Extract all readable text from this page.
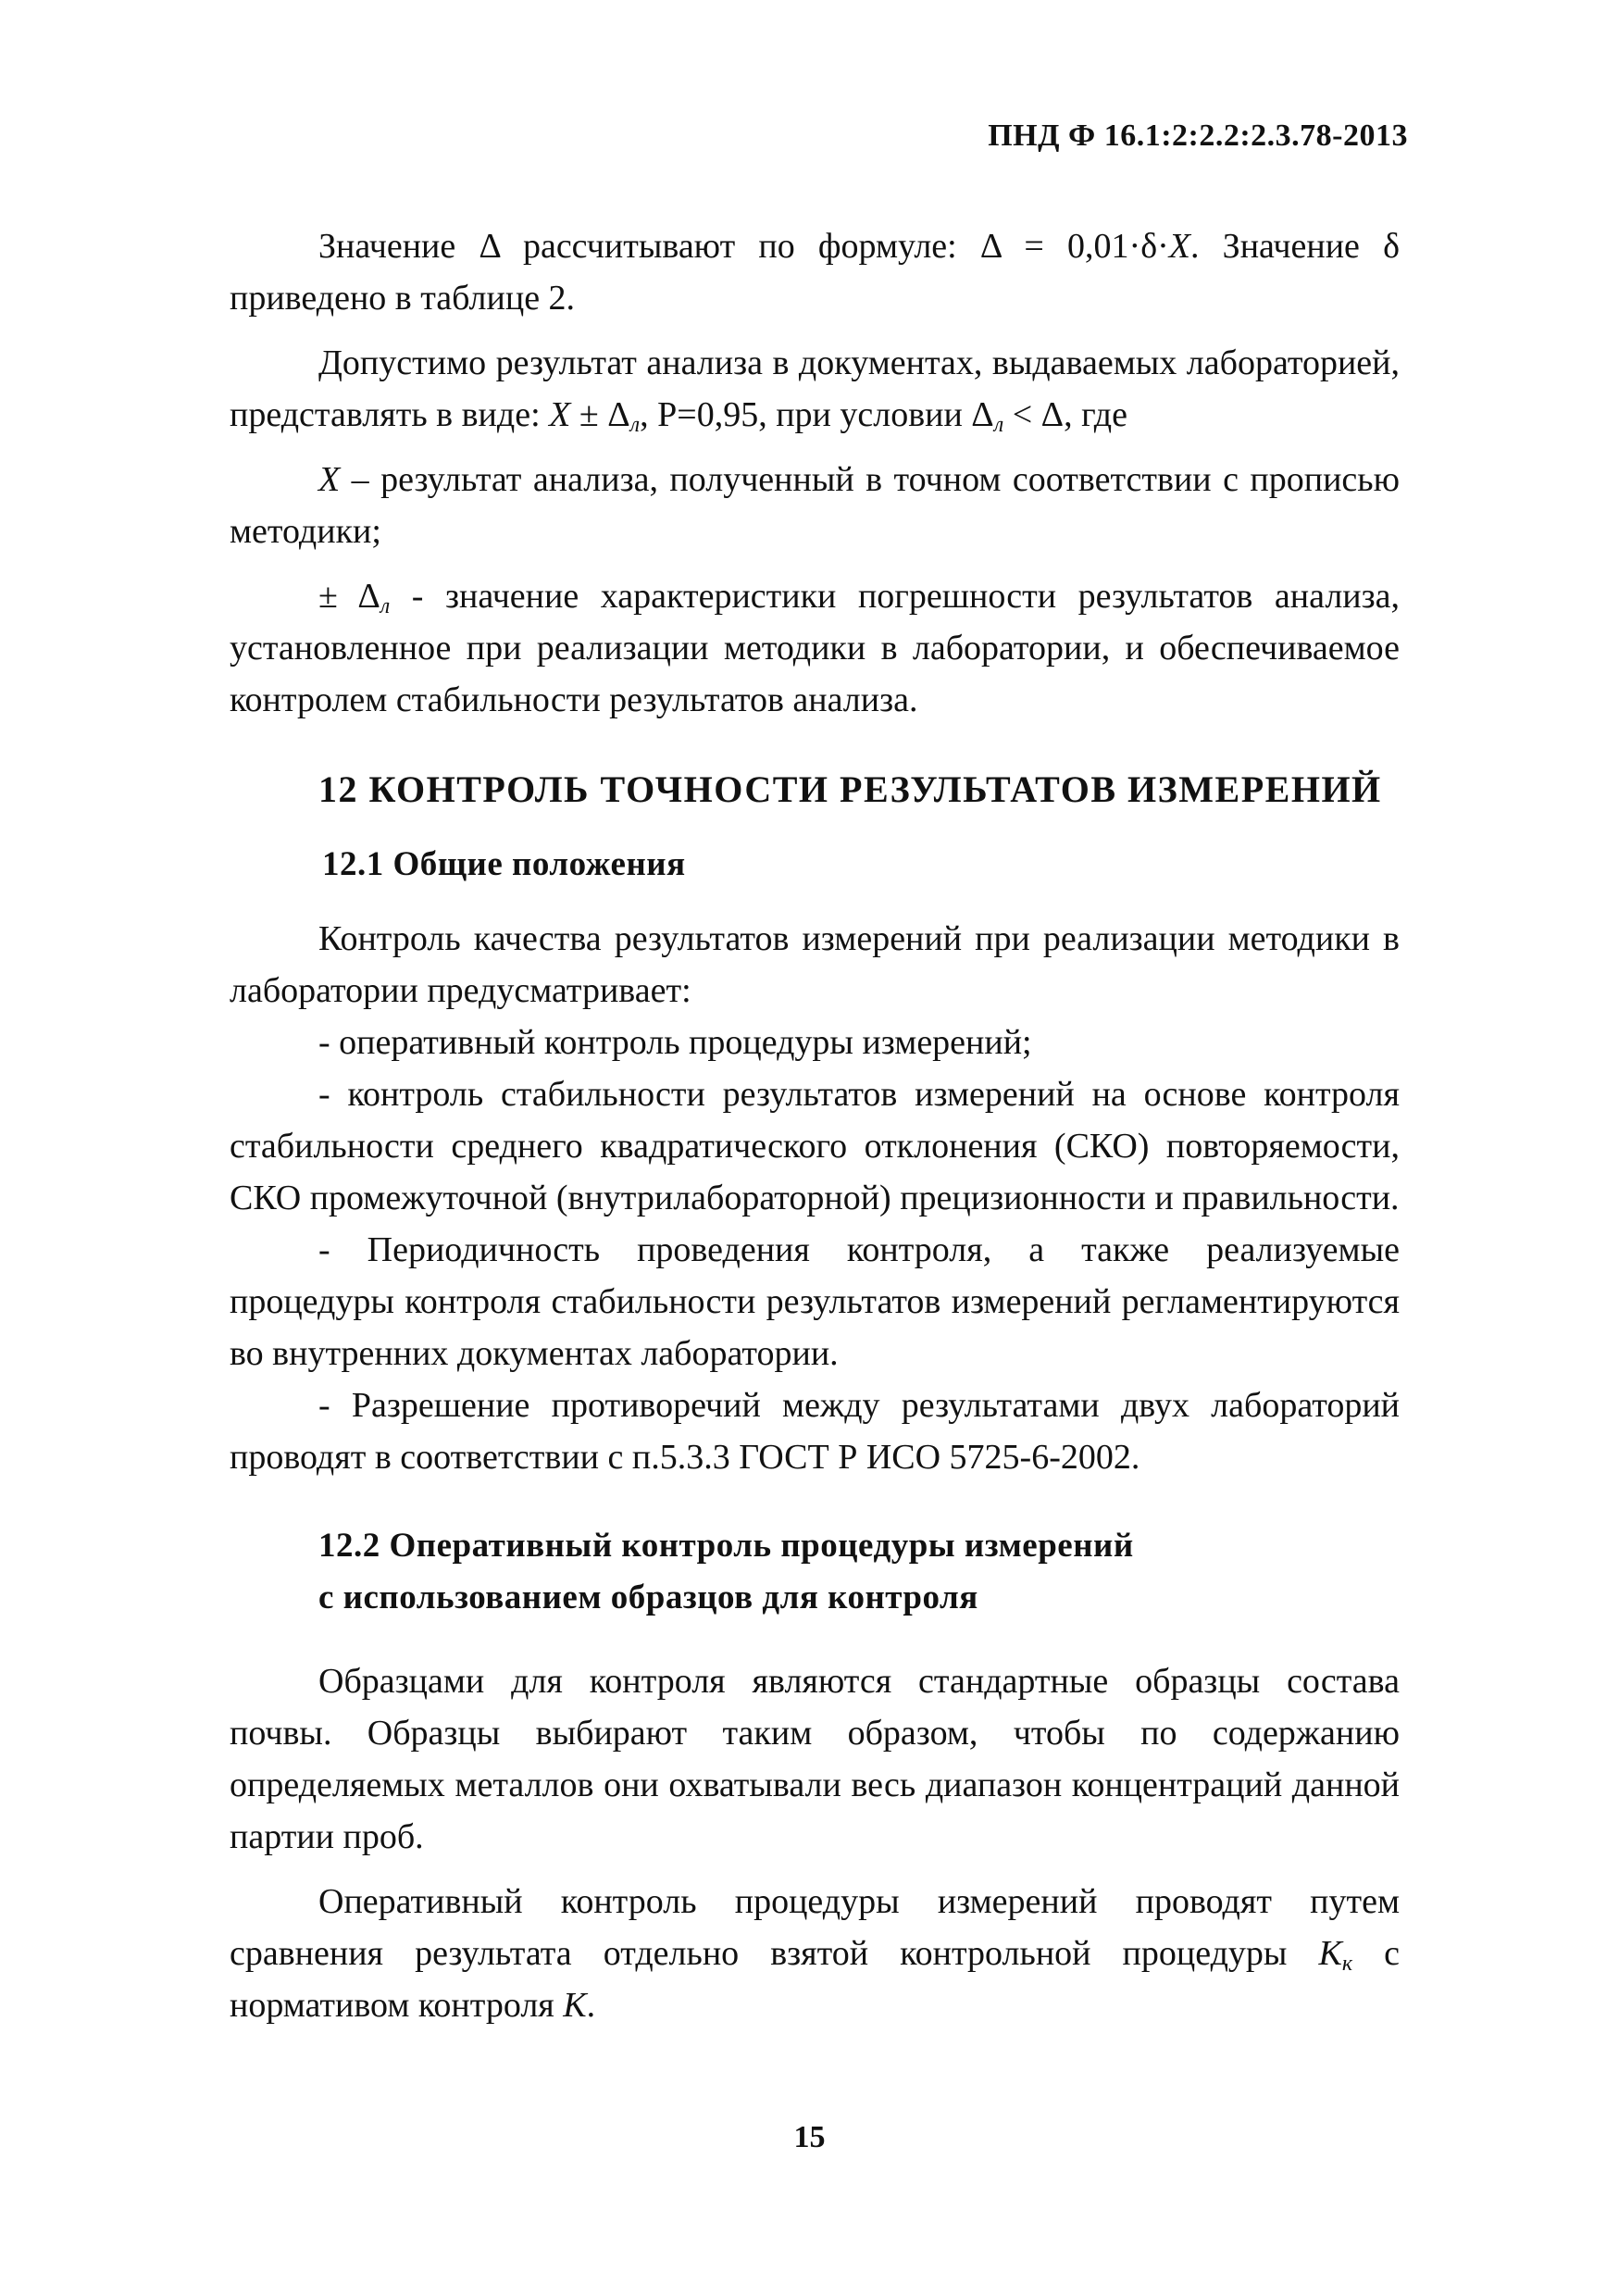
ПНД Ф 16.1:2:2.2:2.3.78-2013

Значение Δ рассчитывают по формуле: Δ = 0,01·δ·X. Значение δ приведено в таблице 2.

Допустимо результат анализа в документах, выдаваемых лабораторией, представлять в виде: $X \pm \Delta_л$, P=0,95, при условии $\Delta_л < \Delta$, где

X – результат анализа, полученный в точном соответствии с прописью методики;

± $\Delta_л$ - значение характеристики погрешности результатов анализа, установленное при реализации методики в лаборатории, и обеспечиваемое контролем стабильности результатов анализа.

12 КОНТРОЛЬ ТОЧНОСТИ РЕЗУЛЬТАТОВ ИЗМЕРЕНИЙ
12.1 Общие положения

Контроль качества результатов измерений при реализации методики в лаборатории предусматривает:

- оперативный контроль процедуры измерений;

- контроль стабильности результатов измерений на основе контроля стабильности среднего квадратического отклонения (СКО) повторяемости, СКО промежуточной (внутрилабораторной) прецизионности и правильности.

- Периодичность проведения контроля, а также реализуемые процедуры контроля стабильности результатов измерений регламентируются во внутренних документах лаборатории.

- Разрешение противоречий между результатами двух лабораторий проводят в соответствии с п.5.3.3 ГОСТ Р ИСО 5725-6-2002.

12.2 Оперативный контроль процедуры измерений
с использованием образцов для контроля

Образцами для контроля являются стандартные образцы состава почвы. Образцы выбирают таким образом, чтобы по содержанию определяемых металлов они охватывали весь диапазон концентраций данной партии проб.

Оперативный контроль процедуры измерений проводят путем сравнения результата отдельно взятой контрольной процедуры $K_к$ с нормативом контроля K.

15
